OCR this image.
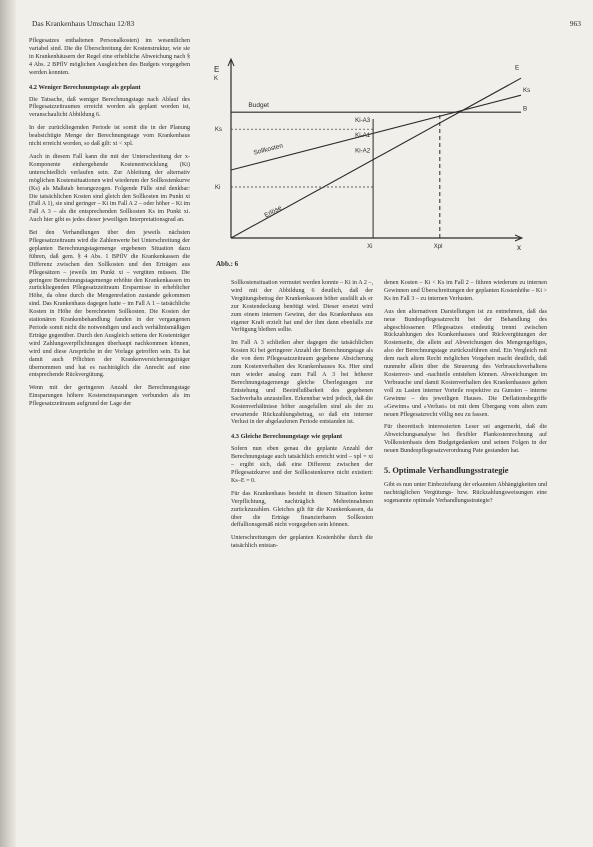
Das Krankenhaus Umschau 12/83	963

Pflegesatzes enthaltenen Personalkosten) im wesentlichen variabel sind. Die die Überschreitung der Kostenstruktur, wie sie in Krankenhäusern der Regel eine erhebliche Abweichung nach § 4 Abs. 2 BPflV möglichen Ausgleichen des Budgets vorgegeben werden konnten.

4.2 Weniger Berechnungstage als geplant

Die Tatsache, daß weniger Berechnungstage nach Ablauf des Pflegesatzzeitraumes erreicht worden als geplant worden ist, veranschaulicht Abbildung 6.

In der zurückliegenden Periode ist somit die in der Planung beabsichtigte Menge der Berechnungstage vom Krankenhaus nicht erreicht worden, so daß gilt: xi < xpl.

Auch in diesem Fall kann die mit der Unterschreitung der x-Komponente einhergehende Kostenentwicklung (Ki) unterschiedlich verlaufen sein. Zur Ableitung der alternativ möglichen Kostensituationen wird wiederum der Sollkostenkurve (Ks) als Maßstab herangezogen. Folgende Fälle sind denkbar: Die tatsächlichen Kosten sind gleich den Sollkosten im Punkt xi (Fall A 1), sie sind geringer – Ki im Fall A 2 – oder höher – Ki im Fall A 3 – als die entsprechenden Sollkosten Ks im Punkt xi. Auch hier gibt es jedes dieser jeweiligen Interpretationsgrad an.

Bei den Verhandlungen über den jeweils nächsten Pflegesatzzeitraum wird die Zahlenwerte bei Unterschreitung der geplanten Berechnungstagemenge ergebenen Situation dazu führen, daß gem. § 4 Abs. 1 BPflV die Krankenkassen die Differenz zwischen den Sollkosten und den Erträgen aus Pflegesätzen – jeweils im Punkt xi – vergüten müssen. Die geringere Berechnungstagemenge erhöhte den Krankenkassen im zurückliegenden Pflegesatzzeitraum Ersparnisse in erheblicher Höhe, da ohne durch die Mengenrelation zustande gekommen sind. Das Krankenhaus dagegen hatte – im Fall A 1 – tatsächliche Kosten in Höhe der berechneten Sollkosten. Die Kosten der stationären Krankenbehandlung fanden in der vergangenen Periode somit nicht die notwendigen und auch verhältnismäßigen Erträge gegenüber. Durch den Ausgleich seitens der Kostenträger wird Zahlungsverpflichtungen überhaupt nachkommen können, wird und diese Ansprüche in der Vorlage getroffen sein. Es hat damit auch Pflichten der Krankenversicherungsträger übernommen und hat es nachträglich die Anrecht auf eine entsprechende Rückvergütung.

Wenn mit der geringeren Anzahl der Berechnungstage Einsparungen höhere Kosteneinsparungen verbunden als im Pflegesatzzeitraum aufgrund der Lage der

E
K
x
Budget
Sollkosten
Erlöse
Xi	Xpl
Ks
Ki
Ki-A3
Ki-A1
Ki-A2
E
Ks
B
Abb.: 6

Sollkostensituation vermutet werden konnte – Ki in A 2 –, wird mit der Abbildung 6 deutlich, daß der Vergütungsbetrag der Krankenkassen höher ausfällt als er zur Kostendeckung benötigt wird. Dieser ersetzt wird zum einem internen Gewinn, der das Krankenhaus aus eigener Kraft erzielt hat und der ihm dann ebenfalls zur Verfügung bleiben sollte.

Im Fall A 3 schließen aber dagegen die tatsächlichen Kosten Ki bei geringerer Anzahl der Berechnungstage als die von dem Pflegesatzzeitraum gegebene Absicherung zum Kostenverhalten des Krankenhauses Ks. Hier sind nun wieder analog zum Fall A 3 bei höherer Berechnungstagemenge gleiche Überlegungen zur Entstehung und Beeinflußbarkeit des gegebenen Sachverhalts anzustellen. Erkennbar wird jedoch, daß die Kostenverhältnisse höher ausgefallen sind als der zu erwartende Rückzahlungsbetrag, so daß ein interner Verlust in der abgelaufenen Periode entstanden ist.

4.3 Gleiche Berechnungstage wie geplant

Sofern nun eben genau die geplante Anzahl der Berechnungstage auch tatsächlich erreicht wird – xpl = xi – ergibt sich, daß eine Differenz zwischen der Pflegesatzkurve und der Sollkostenkurve nicht existiert: Ks–E = 0.

Für das Krankenhaus besteht in diesen Situation keine Verpflichtung, nachträglich Mehreinnahmen zurückzuzahlen. Gleiches gilt für die Krankenkassen, da über die Erträge finanzierbaren Sollkosten deffallionsgemäß nicht vorgegeben sein können.

Unterschreitungen der geplanten Kostenhöhe durch die tatsächlich entstan-

denen Kosten – Ki < Ks im Fall 2 – führen wiederum zu internen Gewinnen und Überschreitungen der geplanten Kostenhöhe – Ki > Ks im Fall 3 – zu internen Verlusten.

Aus den alternativen Darstellungen ist zu entnehmen, daß das neue Bundespflegesatzrecht bei der Behandlung des abgeschlossenen Pflegesatzes eindeutig trennt zwischen Rückzahlungen des Krankenhauses und Rückvergütungen der Kostenseite, die allein auf Abweichungen des Mengengefüges, also der Berechnungstage zurückzuführen sind. Ein Vergleich mit dem nach altem Recht möglichen Vorgehen macht deutlich, daß nunmehr allein über die Steuerung des Verbrauchsverhaltens Kostenvor- und -nachteile entstehen können. Abweichungen im Verbrauche und damit Kostenverhalten des Krankenhauses gehen voll zu Lasten interner Vorteile respektive zu Gunsten – interne Gewinne – des jeweiligen Hauses. Die Deflationsbegriffe »Gewinn« und »Verlust« ist mit dem Übergang vom alten zum neuen Pflegesatzrecht völlig neu zu fassen.

Für theoretisch interessierten Leser sei angemerkt, daß die Abweichungsanalyse bei flexibler Plankostenrechnung auf Vollkostenbasis dem Budgetgedanken und seinen Folgen in der neuen Bundespflegesatzverordnung Pate gestanden hat.

5. Optimale Verhandlungsstrategie

Gibt es nun unter Einbeziehung der erkannten Abhängigkeiten und nachträglichen Vergütungs- bzw. Rückzahlungsweisungen eine sogenannte optimale Verhandlungsstrategie?
